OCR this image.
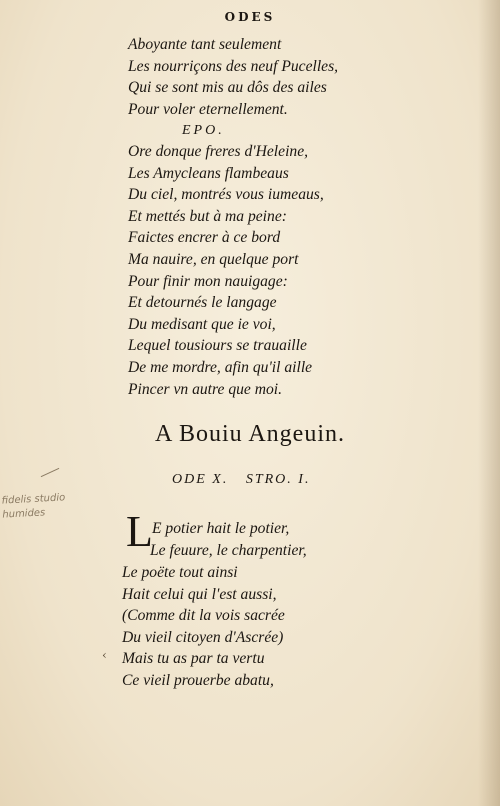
ODES
Aboyante tant seulement
Les nourriçons des neuf Pucelles,
Qui se sont mis au dôs des ailes
Pour voler eternellement.
EPO.
Ore donque freres d'Heleine,
Les Amycleans flambeaus
Du ciel, montrés vous iumeaus,
Et mettés but à ma peine:
Faictes encrer à ce bord
Ma nauire, en quelque port
Pour finir mon nauigage:
Et detournés le langage
Du medisant que ie voi,
Lequel tousiours se trauaille
De me mordre, afin qu'il aille
Pincer vn autre que moi.
A Bouiu Angeuin.
ODE X. STRO. I.
L E potier hait le potier,
Le feuure, le charpentier,
Le poëte tout ainsi
Hait celui qui l'est aussi,
(Comme dit la vois sacrée
Du vieil citoyen d'Ascrée)
Mais tu as par ta vertu
Ce vieil prouerbe abatu,
fidelis studio humides
‹
